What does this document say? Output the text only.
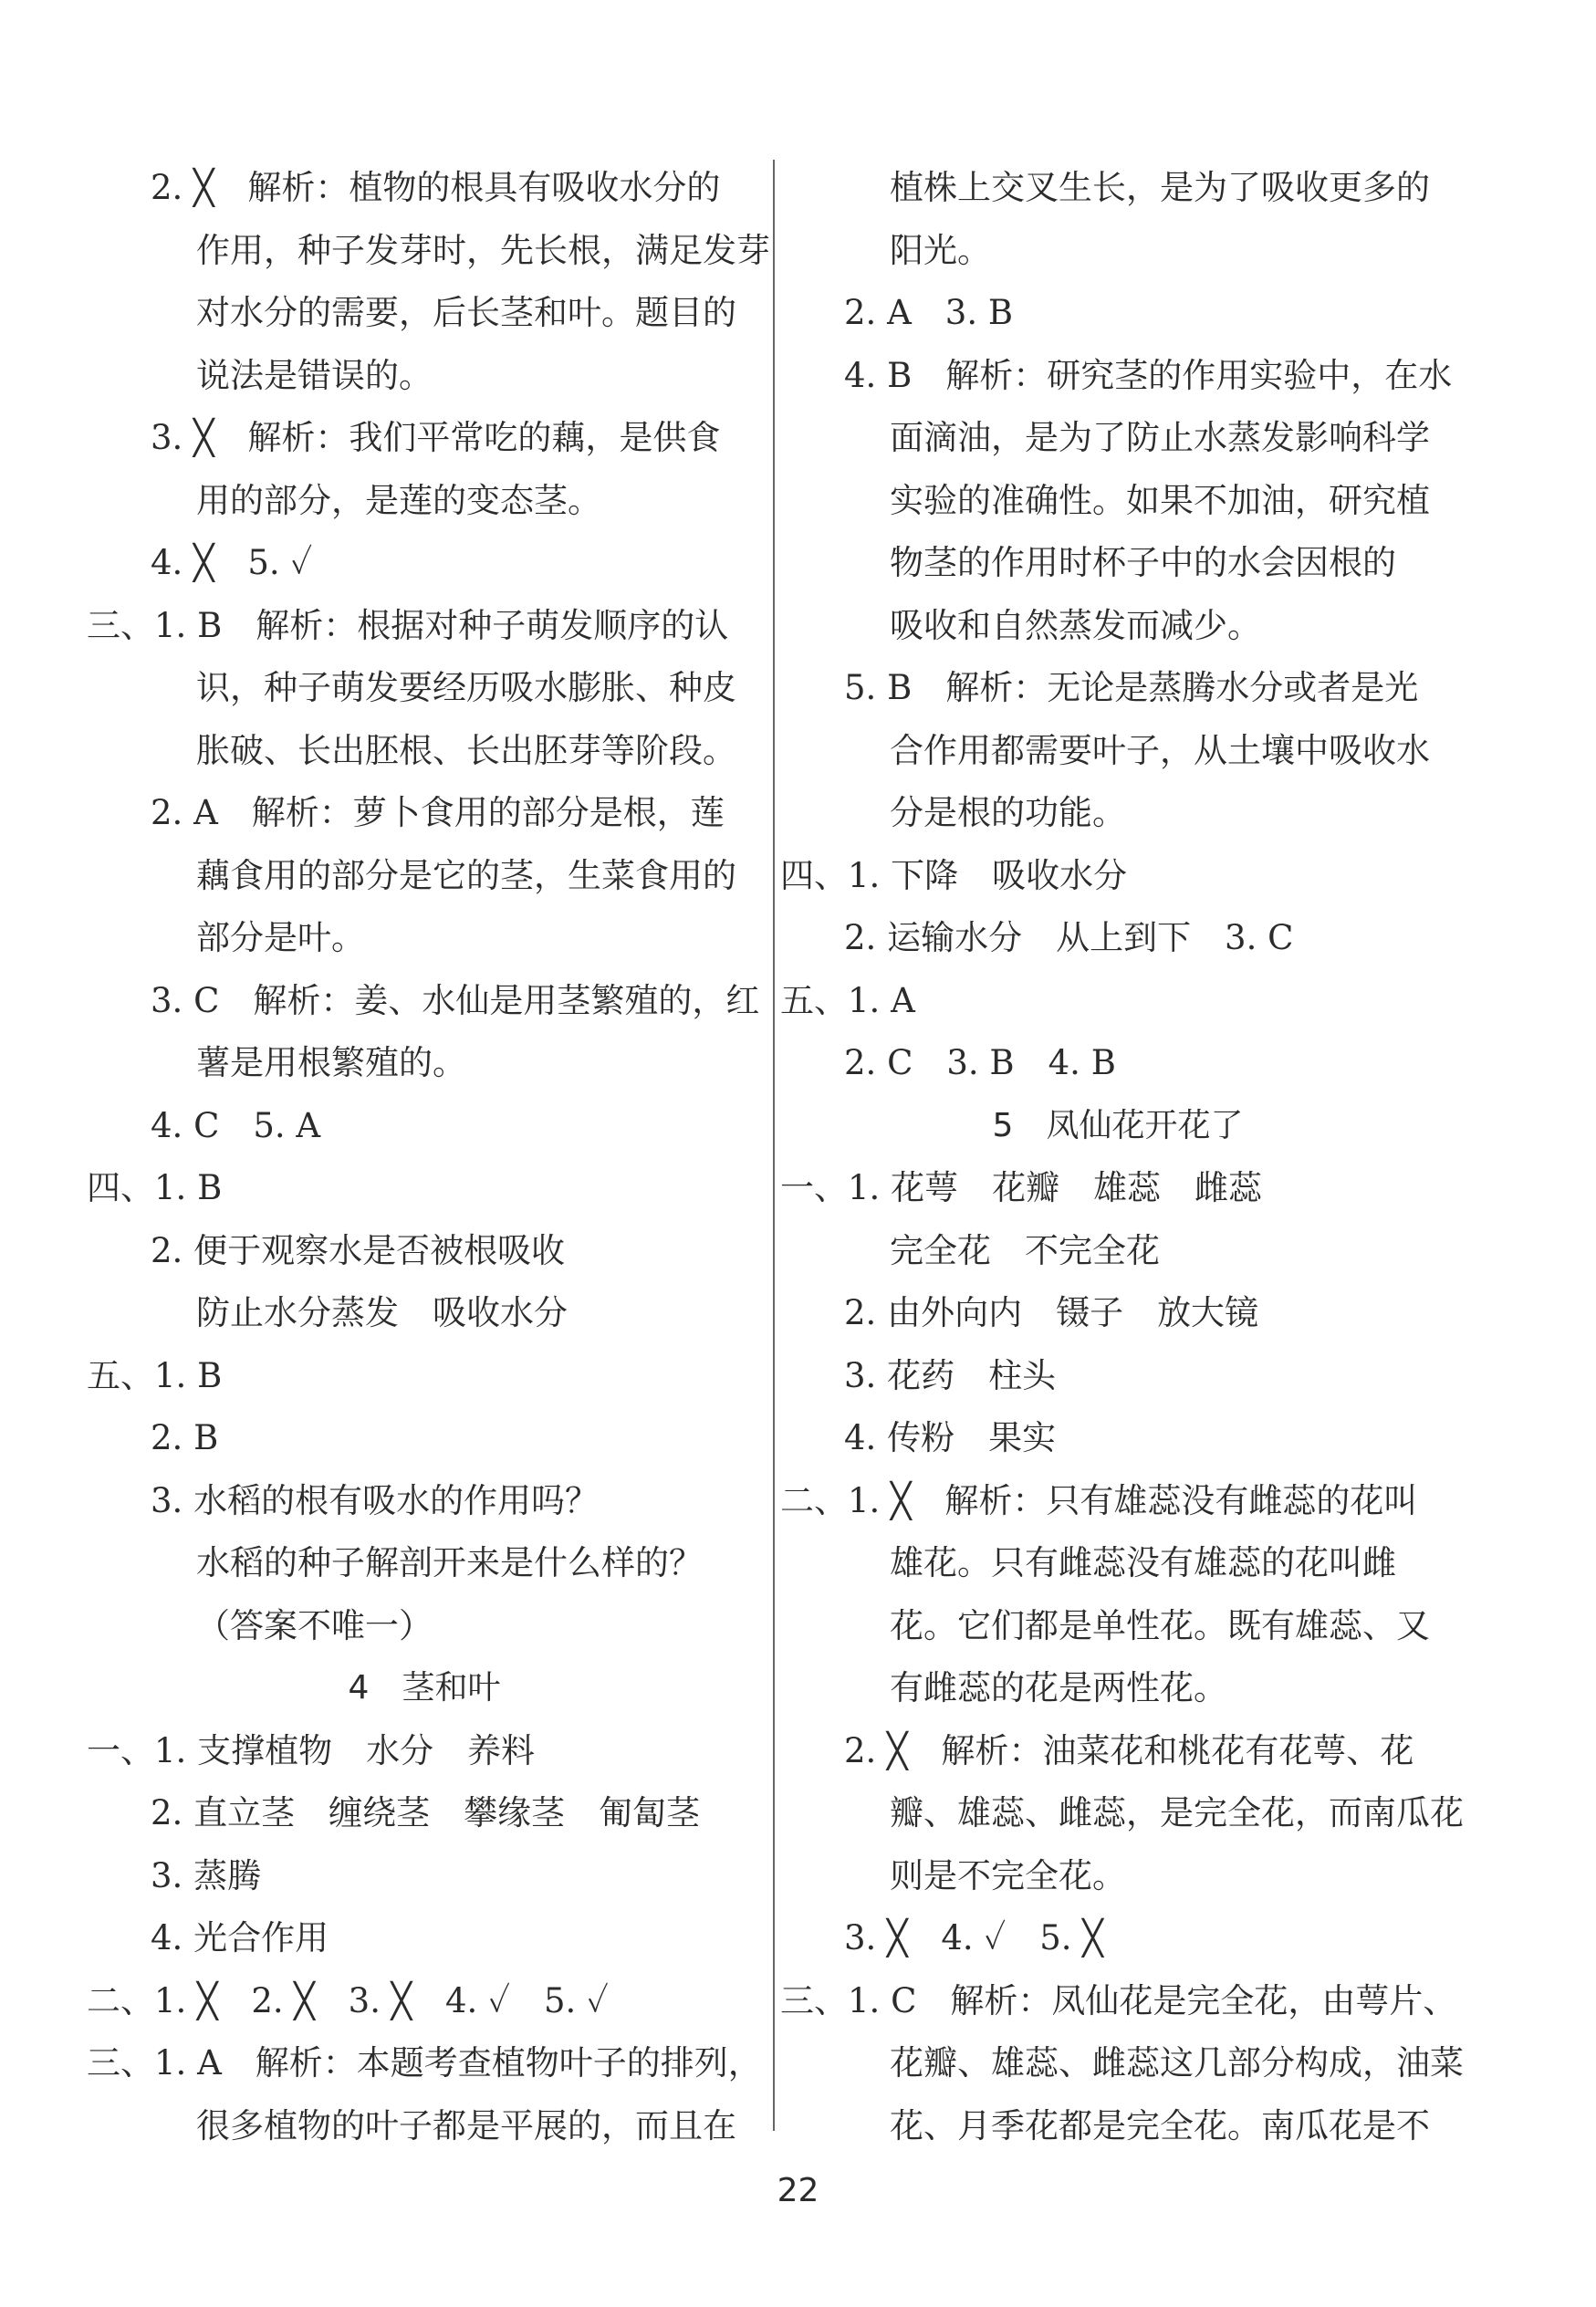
2. ╳　解析：植物的根具有吸收水分的
作用，种子发芽时，先长根，满足发芽
对水分的需要，后长茎和叶。题目的
说法是错误的。
3. ╳　解析：我们平常吃的藕，是供食
用的部分，是莲的变态茎。
4. ╳　5. ✓
三、1. B　解析：根据对种子萌发顺序的认
识，种子萌发要经历吸水膨胀、种皮
胀破、长出胚根、长出胚芽等阶段。
2. A　解析：萝卜食用的部分是根，莲
藕食用的部分是它的茎，生菜食用的
部分是叶。
3. C　解析：姜、水仙是用茎繁殖的，红
薯是用根繁殖的。
4. C　5. A
四、1. B
2. 便于观察水是否被根吸收
防止水分蒸发　吸收水分
五、1. B
2. B
3. 水稻的根有吸水的作用吗？
水稻的种子解剖开来是什么样的？
（答案不唯一）
4　茎和叶
一、1. 支撑植物　水分　养料
2. 直立茎　缠绕茎　攀缘茎　匍匐茎
3. 蒸腾
4. 光合作用
二、1. ╳　2. ╳　3. ╳　4. ✓　5. ✓
三、1. A　解析：本题考查植物叶子的排列，
很多植物的叶子都是平展的，而且在
植株上交叉生长，是为了吸收更多的
阳光。
2. A　3. B
4. B　解析：研究茎的作用实验中，在水
面滴油，是为了防止水蒸发影响科学
实验的准确性。如果不加油，研究植
物茎的作用时杯子中的水会因根的
吸收和自然蒸发而减少。
5. B　解析：无论是蒸腾水分或者是光
合作用都需要叶子，从土壤中吸收水
分是根的功能。
四、1. 下降　吸收水分
2. 运输水分　从上到下　3. C
五、1. A
2. C　3. B　4. B
5　凤仙花开花了
一、1. 花萼　花瓣　雄蕊　雌蕊
完全花　不完全花
2. 由外向内　镊子　放大镜
3. 花药　柱头
4. 传粉　果实
二、1. ╳　解析：只有雄蕊没有雌蕊的花叫
雄花。只有雌蕊没有雄蕊的花叫雌
花。它们都是单性花。既有雄蕊、又
有雌蕊的花是两性花。
2. ╳　解析：油菜花和桃花有花萼、花
瓣、雄蕊、雌蕊，是完全花，而南瓜花
则是不完全花。
3. ╳　4. ✓　5. ╳
三、1. C　解析：凤仙花是完全花，由萼片、
花瓣、雄蕊、雌蕊这几部分构成，油菜
花、月季花都是完全花。南瓜花是不
22
